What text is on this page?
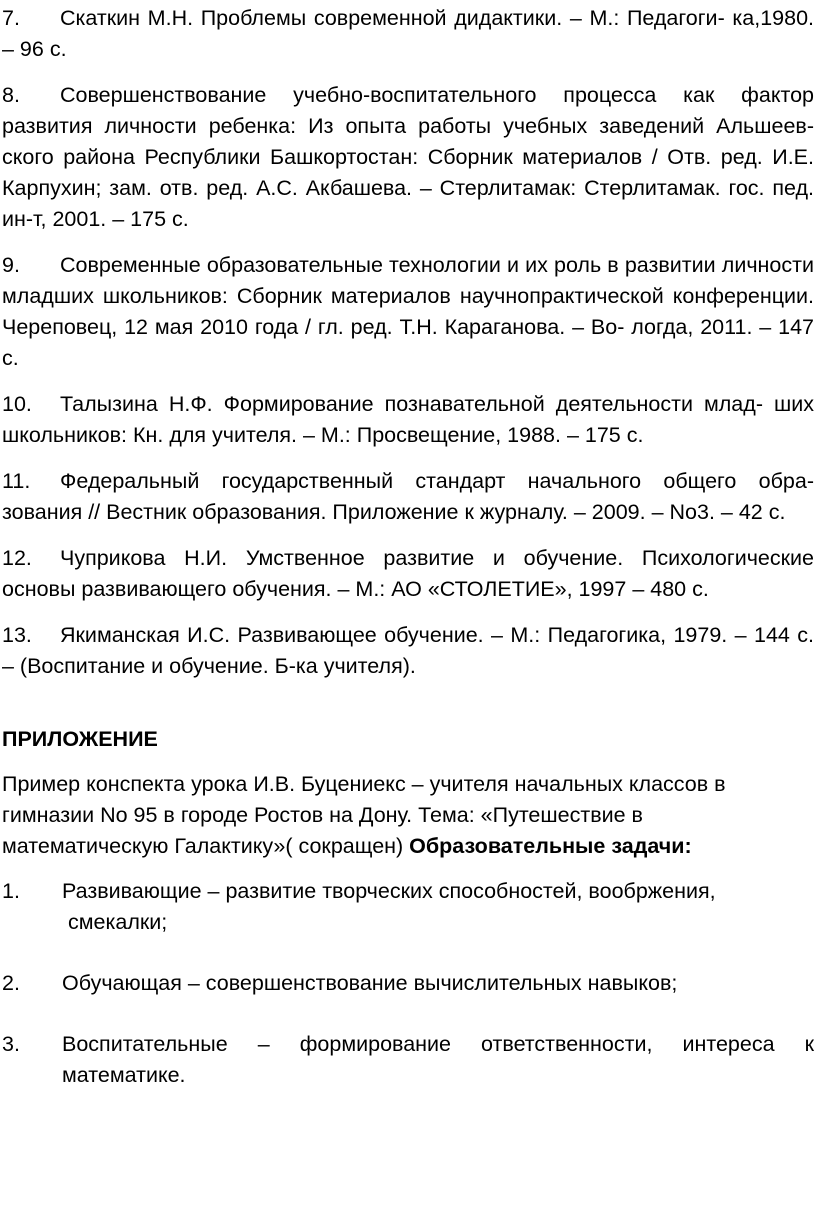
7. Скаткин М.Н. Проблемы современной дидактики. – М.: Педагоги- ка,1980. – 96 с.

8. Совершенствование учебно-воспитательного процесса как фактор развития личности ребенка: Из опыта работы учебных заведений Альшеев- ского района Республики Башкортостан: Сборник материалов / Отв. ред. И.Е. Карпухин; зам. отв. ред. А.С. Акбашева. – Стерлитамак: Стерлитамак. гос. пед. ин-т, 2001. – 175 с.

9. Современные образовательные технологии и их роль в развитии личности младших школьников: Сборник материалов научнопрактической конференции. Череповец, 12 мая 2010 года / гл. ред. Т.Н. Караганова. – Во- логда, 2011. – 147 с.

10. Талызина Н.Ф. Формирование познавательной деятельности млад- ших школьников: Кн. для учителя. – М.: Просвещение, 1988. – 175 с.

11. Федеральный государственный стандарт начального общего обра- зования // Вестник образования. Приложение к журналу. – 2009. – No3. – 42 с.

12. Чуприкова Н.И. Умственное развитие и обучение. Психологические основы развивающего обучения. – М.: АО «СТОЛЕТИЕ», 1997 – 480 с.

13. Якиманская И.С. Развивающее обучение. – М.: Педагогика, 1979. – 144 с. – (Воспитание и обучение. Б-ка учителя).

ПРИЛОЖЕНИЕ

Пример конспекта урока И.В. Буцениекс – учителя начальных классов в гимназии No 95 в городе Ростов на Дону. Тема: «Путешествие в математическую Галактику»( сокращен) Образовательные задачи:

1.	Развивающие – развитие творческих способностей, вообржения,
смекалки;
2.	Обучающая – совершенствование вычислительных навыков;
3.	Воспитательные – формирование ответственности, интереса к математике.
